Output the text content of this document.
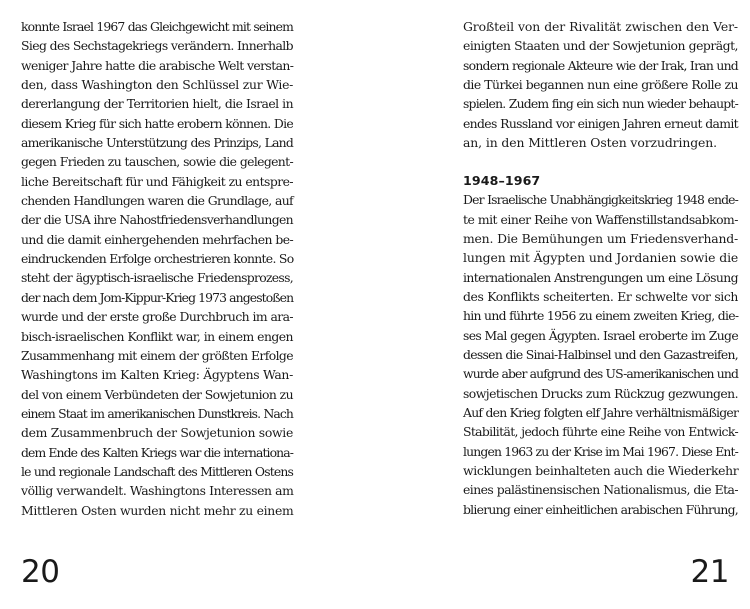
konnte Israel 1967 das Gleichgewicht mit seinem
Sieg des Sechstagekriegs verändern. Innerhalb
weniger Jahre hatte die arabische Welt verstan-
den, dass Washington den Schlüssel zur Wie-
dererlangung der Territorien hielt, die Israel in
diesem Krieg für sich hatte erobern können. Die
amerikanische Unterstützung des Prinzips, Land
gegen Frieden zu tauschen, sowie die gelegent-
liche Bereitschaft für und Fähigkeit zu entspre-
chenden Handlungen waren die Grundlage, auf
der die USA ihre Nahostfriedensverhandlungen
und die damit einhergehenden mehrfachen be-
eindruckenden Erfolge orchestrieren konnte. So
steht der ägyptisch-israelische Friedensprozess,
der nach dem Jom-Kippur-Krieg 1973 angestoßen
wurde und der erste große Durchbruch im ara-
bisch-israelischen Konflikt war, in einem engen
Zusammenhang mit einem der größten Erfolge
Washingtons im Kalten Krieg: Ägyptens Wan-
del von einem Verbündeten der Sowjetunion zu
einem Staat im amerikanischen Dunstkreis. Nach
dem Zusammenbruch der Sowjetunion sowie
dem Ende des Kalten Kriegs war die internationa-
le und regionale Landschaft des Mittleren Ostens
völlig verwandelt. Washingtons Interessen am
Mittleren Osten wurden nicht mehr zu einem
20
Großteil von der Rivalität zwischen den Ver-
einigten Staaten und der Sowjetunion geprägt,
sondern regionale Akteure wie der Irak, Iran und
die Türkei begannen nun eine größere Rolle zu
spielen. Zudem fing ein sich nun wieder behaupt-
endes Russland vor einigen Jahren erneut damit
an, in den Mittleren Osten vorzudringen.
1948–1967
Der Israelische Unabhängigkeitskrieg 1948 ende-
te mit einer Reihe von Waffenstillstandsabkom-
men. Die Bemühungen um Friedensverhand-
lungen mit Ägypten und Jordanien sowie die
internationalen Anstrengungen um eine Lösung
des Konflikts scheiterten. Er schwelte vor sich
hin und führte 1956 zu einem zweiten Krieg, die-
ses Mal gegen Ägypten. Israel eroberte im Zuge
dessen die Sinai-Halbinsel und den Gazastreifen,
wurde aber aufgrund des US-amerikanischen und
sowjetischen Drucks zum Rückzug gezwungen.
Auf den Krieg folgten elf Jahre verhältnismäßiger
Stabilität, jedoch führte eine Reihe von Entwick-
lungen 1963 zu der Krise im Mai 1967. Diese Ent-
wicklungen beinhalteten auch die Wiederkehr
eines palästinensischen Nationalismus, die Eta-
blierung einer einheitlichen arabischen Führung,
21
